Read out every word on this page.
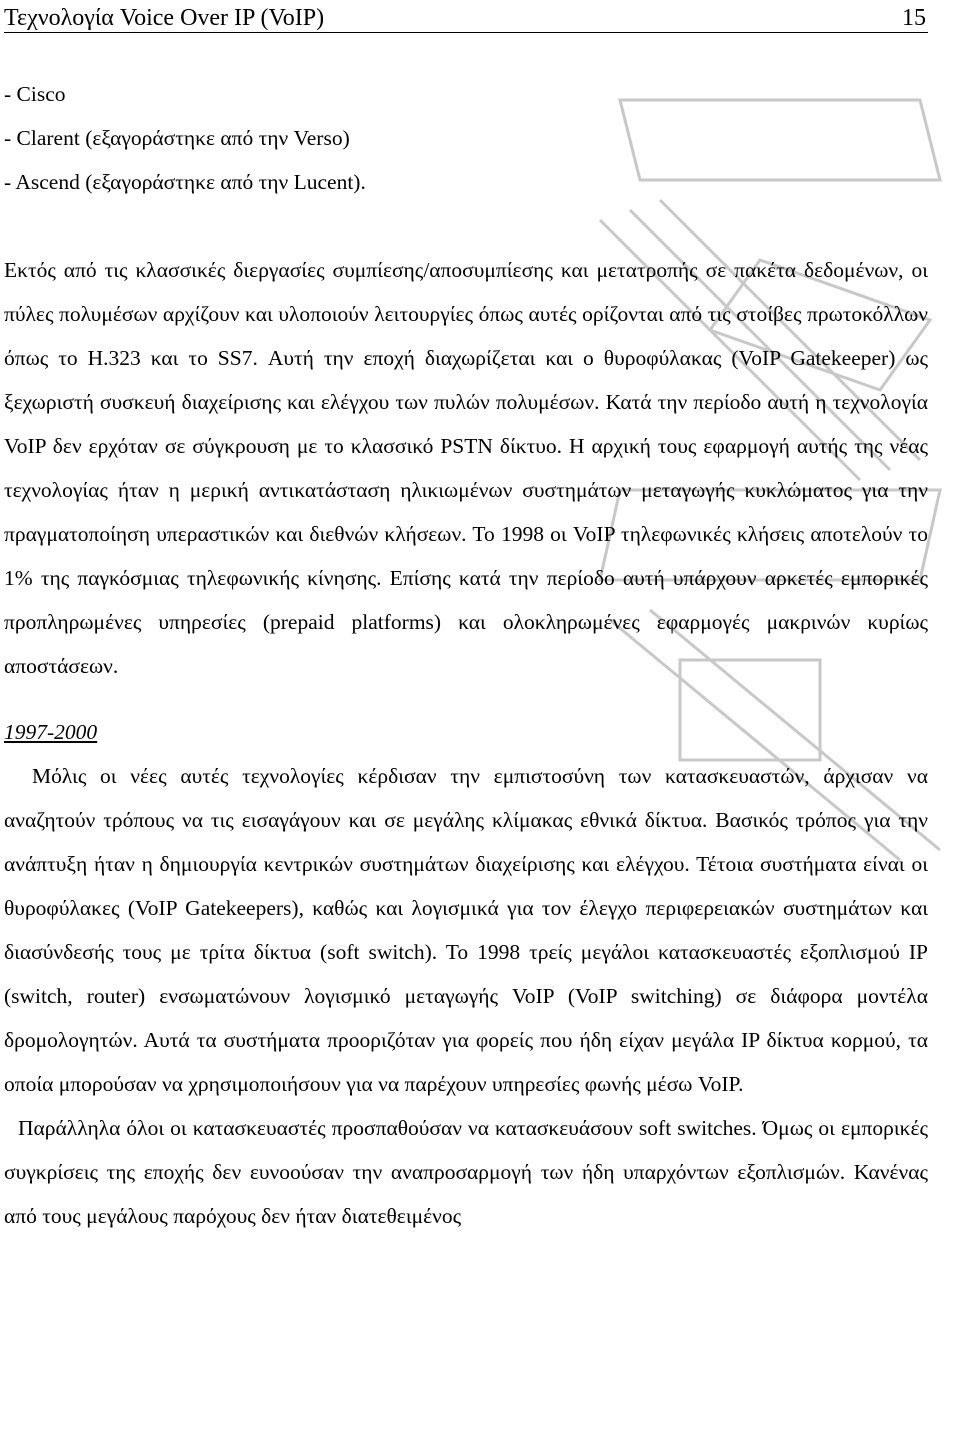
Τεχνολογία Voice Over IP (VoIP)	15
- Cisco
- Clarent (εξαγοράστηκε από την Verso)
- Ascend (εξαγοράστηκε από την Lucent).

Εκτός από τις κλασσικές διεργασίες συμπίεσης/αποσυμπίεσης και μετατροπής σε πακέτα δεδομένων, οι πύλες πολυμέσων αρχίζουν και υλοποιούν λειτουργίες όπως αυτές ορίζονται από τις στοίβες πρωτοκόλλων όπως το H.323 και το SS7. Αυτή την εποχή διαχωρίζεται και ο θυροφύλακας (VoIP Gatekeeper) ως ξεχωριστή συσκευή διαχείρισης και ελέγχου των πυλών πολυμέσων. Κατά την περίοδο αυτή η τεχνολογία VoIP δεν ερχόταν σε σύγκρουση με το κλασσικό PSTN δίκτυο. Η αρχική τους εφαρμογή αυτής της νέας τεχνολογίας ήταν η μερική αντικατάσταση ηλικιωμένων συστημάτων μεταγωγής κυκλώματος για την πραγματοποίηση υπεραστικών και διεθνών κλήσεων. Το 1998 οι VoIP τηλεφωνικές κλήσεις αποτελούν το 1% της παγκόσμιας τηλεφωνικής κίνησης. Επίσης κατά την περίοδο αυτή υπάρχουν αρκετές εμπορικές προπληρωμένες υπηρεσίες (prepaid platforms) και ολοκληρωμένες εφαρμογές μακρινών κυρίως αποστάσεων.

1997-2000

Μόλις οι νέες αυτές τεχνολογίες κέρδισαν την εμπιστοσύνη των κατασκευαστών, άρχισαν να αναζητούν τρόπους να τις εισαγάγουν και σε μεγάλης κλίμακας εθνικά δίκτυα. Βασικός τρόπος για την ανάπτυξη ήταν η δημιουργία κεντρικών συστημάτων διαχείρισης και ελέγχου. Τέτοια συστήματα είναι οι θυροφύλακες (VoIP Gatekeepers), καθώς και λογισμικά για τον έλεγχο περιφερειακών συστημάτων και διασύνδεσής τους με τρίτα δίκτυα (soft switch). Το 1998 τρείς μεγάλοι κατασκευαστές εξοπλισμού IP (switch, router) ενσωματώνουν λογισμικό μεταγωγής VoIP (VoIP switching) σε διάφορα μοντέλα δρομολογητών. Αυτά τα συστήματα προοριζόταν για φορείς που ήδη είχαν μεγάλα IP δίκτυα κορμού, τα οποία μπορούσαν να χρησιμοποιήσουν για να παρέχουν υπηρεσίες φωνής μέσω VoIP.

Παράλληλα όλοι οι κατασκευαστές προσπαθούσαν να κατασκευάσουν soft switches. Όμως οι εμπορικές συγκρίσεις της εποχής δεν ευνοούσαν την αναπροσαρμογή των ήδη υπαρχόντων εξοπλισμών. Κανένας από τους μεγάλους παρόχους δεν ήταν διατεθειμένος
